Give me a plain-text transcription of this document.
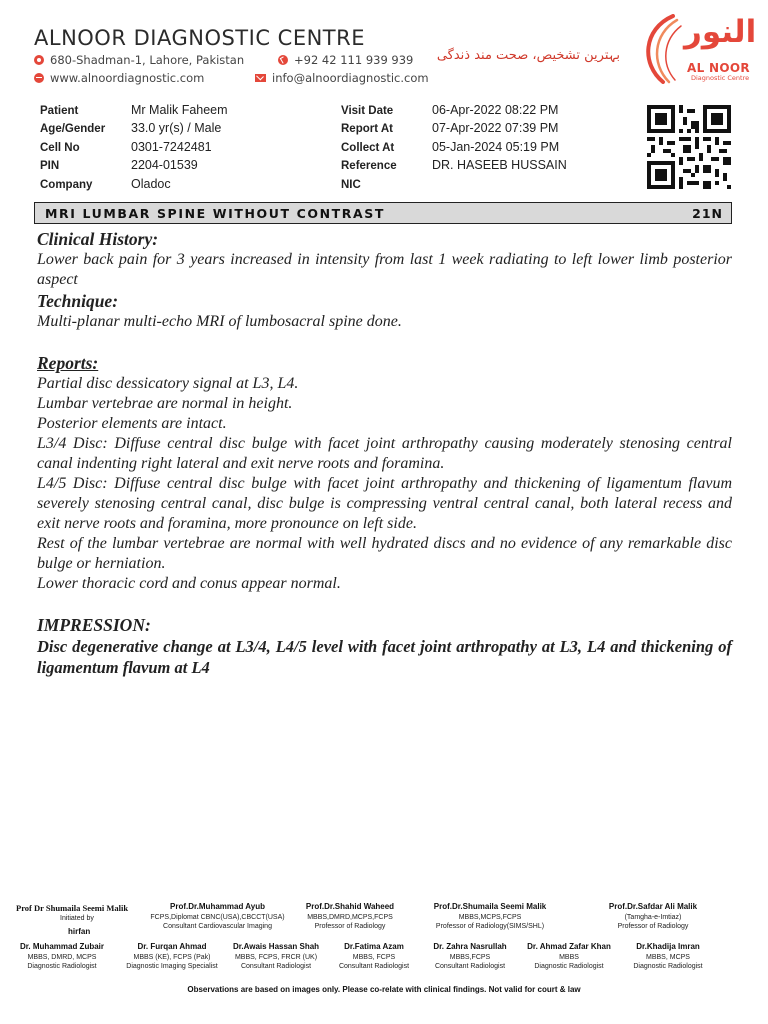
ALNOOR DIAGNOSTIC CENTRE
680-Shadman-1, Lahore, Pakistan	+92 42 111 939 939
www.alnoordiagnostic.com	info@alnoordiagnostic.com
بہترین تشخیص، صحت مند ذندگی
النور
AL NOOR
Diagnostic Centre
Patient	Mr Malik Faheem
Age/Gender 33.0 yr(s) / Male
Cell No	0301-7242481
PIN	2204-01539
Company	Oladoc
Visit Date	06-Apr-2022 08:22 PM
Report At	07-Apr-2022 07:39 PM
Collect At	05-Jan-2024 05:19 PM
Reference	DR. HASEEB HUSSAIN
NIC
MRI LUMBAR SPINE WITHOUT CONTRAST	21N
Clinical History:

Lower back pain for 3 years increased in intensity from last 1 week radiating to left lower limb posterior aspect

Technique:

Multi-planar multi-echo MRI of lumbosacral spine done.

Reports:

Partial disc dessicatory signal at L3, L4.

Lumbar vertebrae are normal in height.

Posterior elements are intact.

L3/4 Disc: Diffuse central disc bulge with facet joint arthropathy causing moderately stenosing central canal indenting right lateral and exit nerve roots and foramina.

L4/5 Disc: Diffuse central disc bulge with facet joint arthropathy and thickening of ligamentum flavum severely stenosing central canal, disc bulge is compressing ventral central canal, both lateral recess and exit nerve roots and foramina, more pronounce on left side.

Rest of the lumbar vertebrae are normal with well hydrated discs and no evidence of any remarkable disc bulge or herniation.

Lower thoracic cord and conus appear normal.

IMPRESSION:

Disc degenerative change at L3/4, L4/5 level with facet joint arthropathy at L3, L4 and thickening of ligamentum flavum at L4

Prof Dr Shumaila Seemi Malik
Initiated by
hirfan
Prof.Dr.Muhammad Ayub
FCPS,Diplomat CBNC(USA),CBCCT(USA)
Consultant Cardiovascular Imaging
Prof.Dr.Shahid Waheed
MBBS,DMRD,MCPS,FCPS
Professor of Radiology
Prof.Dr.Shumaila Seemi Malik
MBBS,MCPS,FCPS
Professor of Radiology(SIMS/SHL)
Prof.Dr.Safdar Ali Malik
(Tamgha-e-Imtiaz)
Professor of Radiology
Dr. Muhammad Zubair
MBBS, DMRD, MCPS
Diagnostic Radiologist
Dr. Furqan Ahmad
MBBS (KE), FCPS (Pak)
Diagnostic Imaging Specialist
Dr.Awais Hassan Shah
MBBS, FCPS, FRCR (UK)
Consultant Radiologist
Dr.Fatima Azam
MBBS, FCPS
Consultant Radiologist
Dr. Zahra Nasrullah
MBBS,FCPS
Consultant Radiologist
Dr. Ahmad Zafar Khan
MBBS
Diagnostic Radiologist
Dr.Khadija Imran
MBBS, MCPS
Diagnostic Radiologist
Observations are based on images only. Please co-relate with clinical findings. Not valid for court & law
